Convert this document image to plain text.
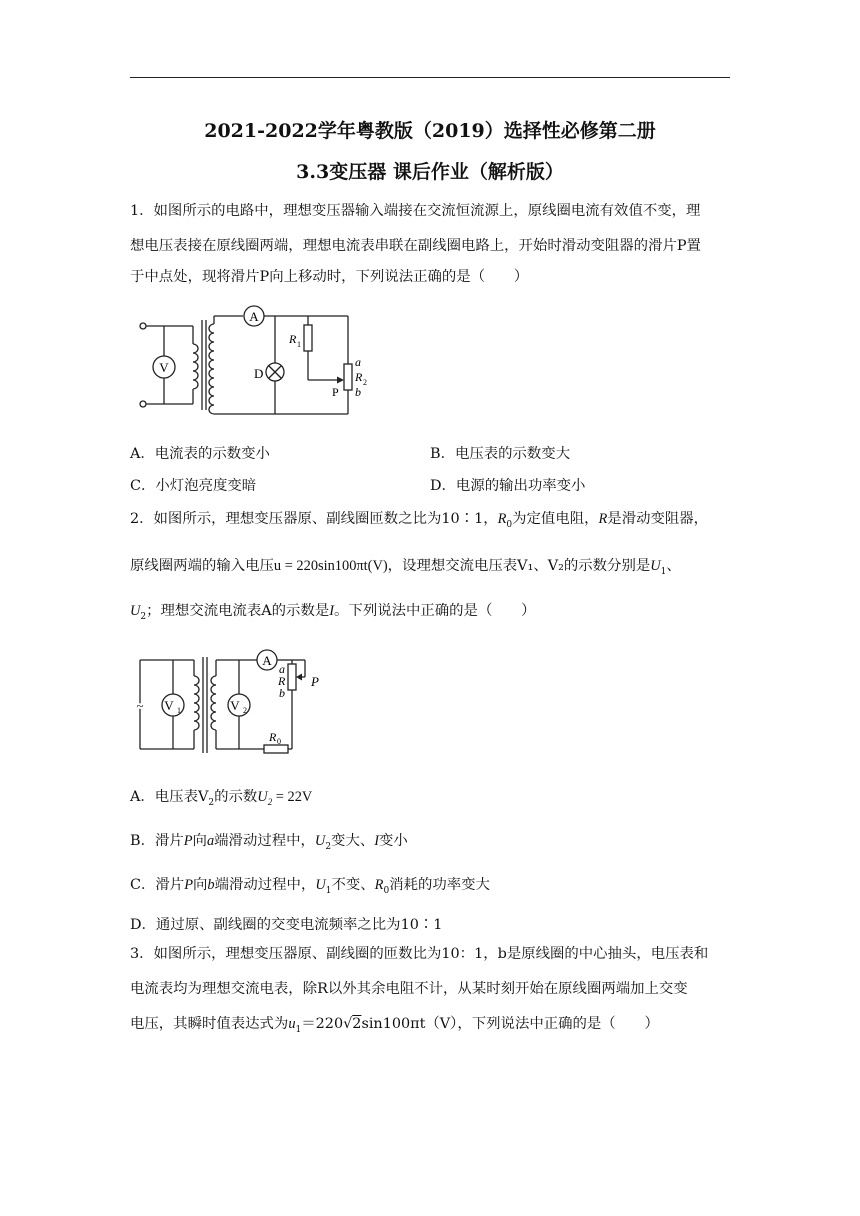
2021-2022学年粤教版（2019）选择性必修第二册
3.3变压器 课后作业（解析版）
1．如图所示的电路中，理想变压器输入端接在交流恒流源上，原线圈电流有效值不变，理
想电压表接在原线圈两端，理想电流表串联在副线圈电路上，开始时滑动变阻器的滑片P置
于中点处，现将滑片P向上移动时，下列说法正确的是（　　）
V
A
D
R 1
a
R 2
b
P
A．电流表的示数变小	B．电压表的示数变大
C．小灯泡亮度变暗	D．电源的输出功率变小
2．如图所示，理想变压器原、副线圈匝数之比为10∶1，$R_0$为定值电阻，R是滑动变阻器，
原线圈两端的输入电压u = 220sin100πt(V)，设理想交流电压表V₁、V₂的示数分别是$U_1$、
$U_2$；理想交流电流表A的示数是I。下列说法中正确的是（　　）
~ V 1	V 2
A
a
R
b
P
R 0
A．电压表$V_2$的示数$U_2 = 22V$
B．滑片P向a端滑动过程中，$U_2$变大、I变小
C．滑片P向b端滑动过程中，$U_1$不变、$R_0$消耗的功率变大
D．通过原、副线圈的交变电流频率之比为10∶1
3．如图所示，理想变压器原、副线圈的匝数比为10：1，b是原线圈的中心抽头，电压表和
电流表均为理想交流电表，除R以外其余电阻不计，从某时刻开始在原线圈两端加上交变
电压，其瞬时值表达式为$u_1=220√2\sin 100\pi t(V)$，下列说法中正确的是（　　）
